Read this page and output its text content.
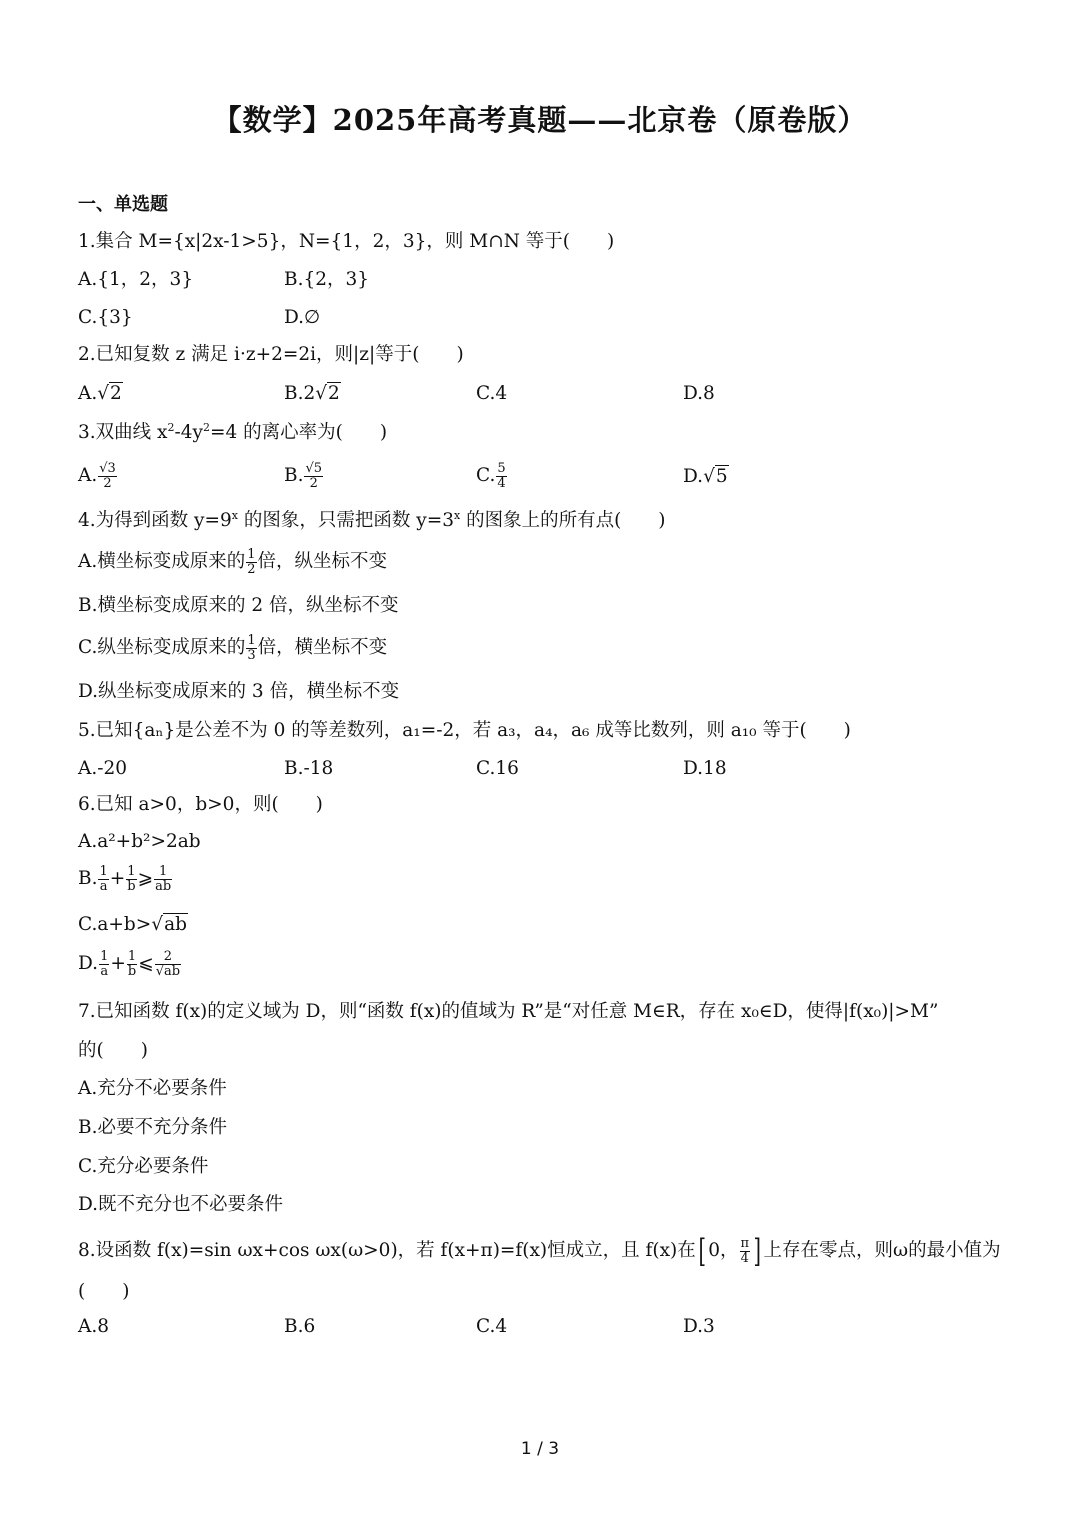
【数学】2025年高考真题——北京卷（原卷版）
一、单选题
1.集合 M={x|2x-1>5}，N={1，2，3}，则 M∩N 等于(　　)
A.{1，2，3}	B.{2，3}
C.{3}	D.∅
2.已知复数 z 满足 i·z+2=2i，则|z|等于(　　)
A.√2	B.2√2	C.4	D.8
3.双曲线 $x^2-4y^2=4$ 的离心率为(　　)
A. $\frac{√3}{2}$	B. $\frac{√5}{2}$	C. $\frac{5}{4}$	D.√5
4.为得到函数 $y=9^x$ 的图象，只需把函数 $y=3^x$ 的图象上的所有点(　　)
A.横坐标变成原来的 $\frac{1}{2}$ 倍，纵坐标不变
B.横坐标变成原来的 2 倍，纵坐标不变
C.纵坐标变成原来的 $\frac{1}{3}$ 倍，横坐标不变
D.纵坐标变成原来的 3 倍，横坐标不变
5.已知{aₙ}是公差不为 0 的等差数列，a₁=-2，若 a₃，a₄，a₆ 成等比数列，则 a₁₀ 等于(　　)
A.-20	B.-18	C.16	D.18
6.已知 a>0，b>0，则(　　)
A.a²+b²>2ab
B. $\frac{1}{a} + \frac{1}{b}$ ⩾ $\frac{1}{ab}$
C.a+b>√ab
D. $\frac{1}{a} + \frac{1}{b}$ ⩽ $\frac{2}{√ab}$
7.已知函数 f(x)的定义域为 D，则“函数 f(x)的值域为 R”是“对任意 M∈R，存在 x₀∈D，使得|f(x₀)|>M”
的(　　)
A.充分不必要条件
B.必要不充分条件
C.充分必要条件
D.既不充分也不必要条件
8.设函数 f(x)=sin ωx+cos ωx(ω>0)，若 f(x+π)=f(x)恒成立，且 f(x)在[ 0， $\frac{\pi}{4}$ ] 上存在零点，则ω的最小值为
(　　)
A.8	B.6	C.4	D.3
1 / 3
